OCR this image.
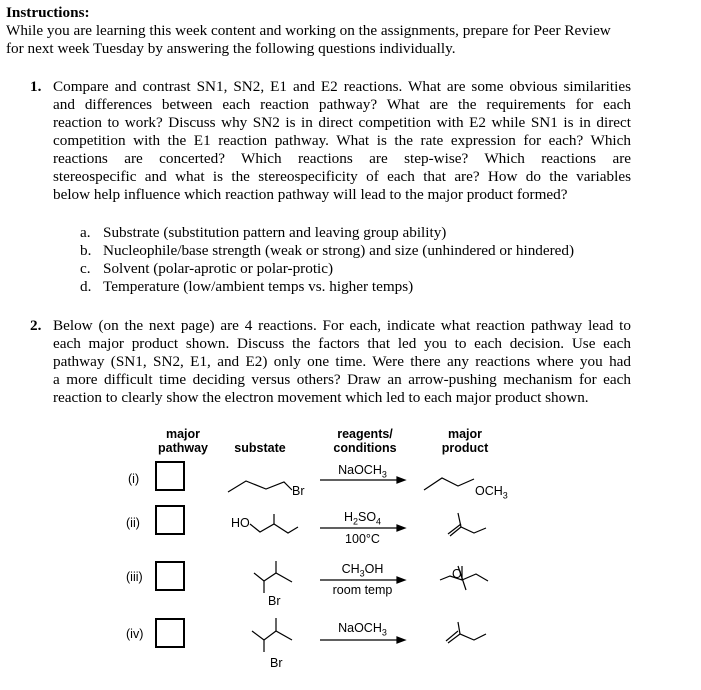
Instructions:
While you are learning this week content and working on the assignments, prepare for Peer Review
for next week Tuesday by answering the following questions individually.
1. Compare and contrast SN1, SN2, E1 and E2 reactions. What are some obvious similarities
and differences between each reaction pathway? What are the requirements for each
reaction to work? Discuss why SN2 is in direct competition with E2 while SN1 is in direct
competition with the E1 reaction pathway. What is the rate expression for each? Which
reactions are concerted? Which reactions are step-wise? Which reactions are
stereospecific and what is the stereospecificity of each that are? How do the variables
below help influence which reaction pathway will lead to the major product formed?
a. Substrate (substitution pattern and leaving group ability)
b. Nucleophile/base strength (weak or strong) and size (unhindered or hindered)
c. Solvent (polar-aprotic or polar-protic)
d. Temperature (low/ambient temps vs. higher temps)
2. Below (on the next page) are 4 reactions. For each, indicate what reaction pathway lead to
each major product shown. Discuss the factors that led you to each decision. Use each
pathway (SN1, SN2, E1, and E2) only one time. Were there any reactions where you had
a more difficult time deciding versus others? Draw an arrow-pushing mechanism for each
reaction to clearly show the electron movement which led to each major product shown.
major
pathway	substate
reagents/
conditions
major
product
(i)
(ii)
(iii)
(iv)
Br	$OCH_3$
HO
Br
O
Br
NaOCH$_3$
$H_2SO_4$
100°C
$CH_3OH$
room temp
NaOCH$_3$
